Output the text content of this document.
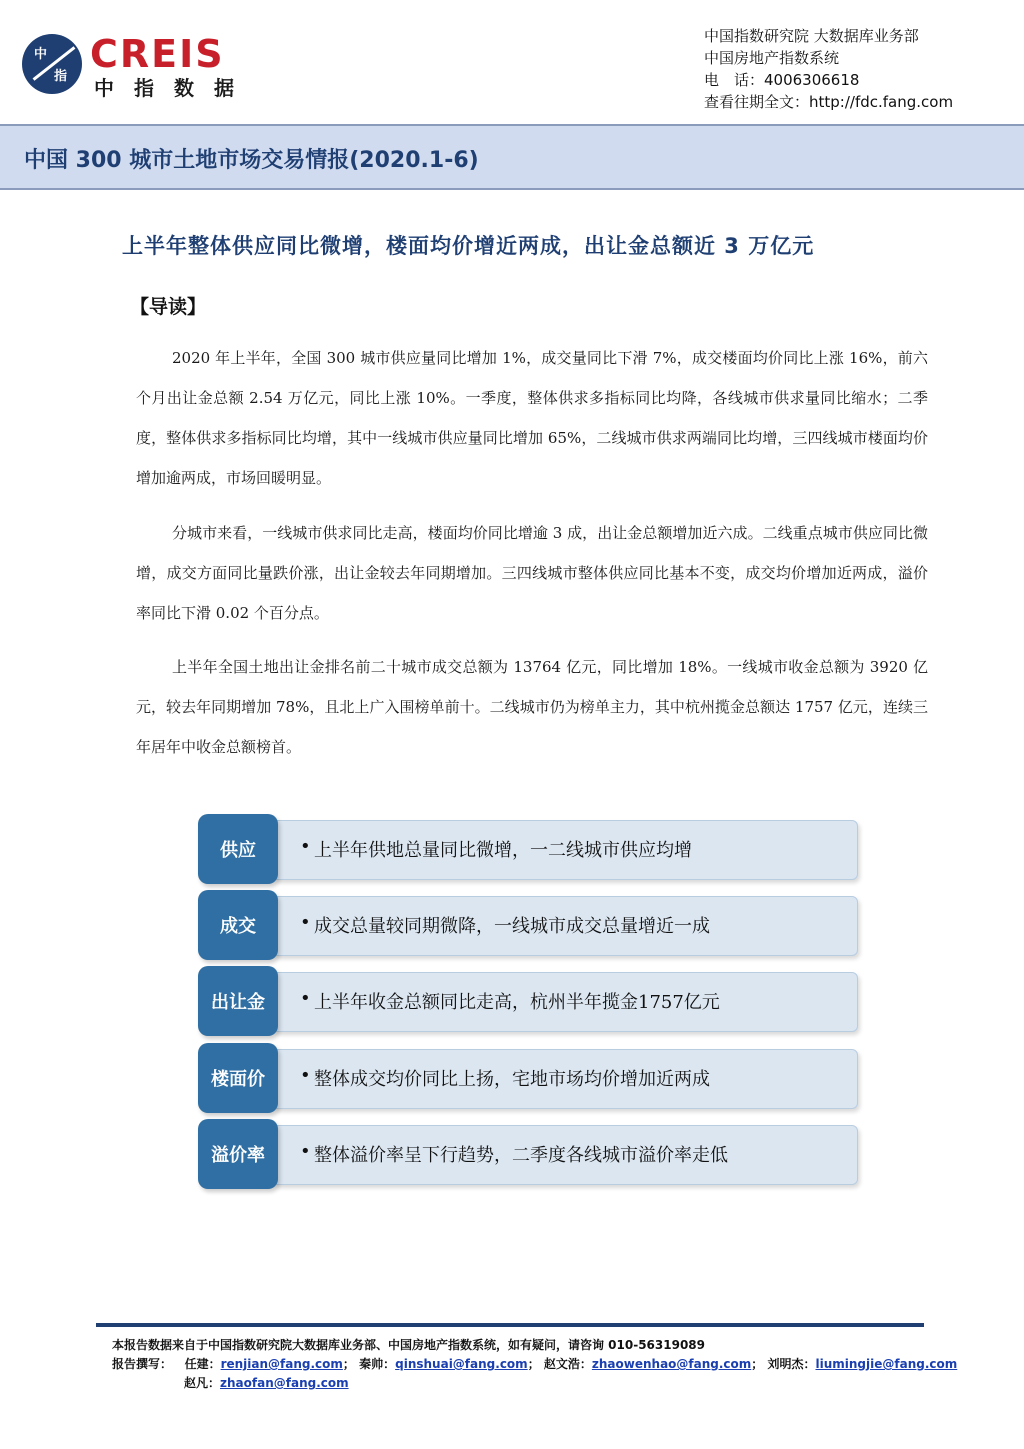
中
指
CREIS
中指数据
中国指数研究院 大数据库业务部
中国房地产指数系统
电　话：4006306618
查看往期全文：http://fdc.fang.com
中国 300 城市土地市场交易情报(2020.1-6)
上半年整体供应同比微增，楼面均价增近两成，出让金总额近 3 万亿元
【导读】

2020 年上半年，全国 300 城市供应量同比增加 1%，成交量同比下滑 7%，成交楼面均价同比上涨 16%，前六个月出让金总额 2.54 万亿元，同比上涨 10%。一季度，整体供求多指标同比均降，各线城市供求量同比缩水；二季度，整体供求多指标同比均增，其中一线城市供应量同比增加 65%，二线城市供求两端同比均增，三四线城市楼面均价增加逾两成，市场回暖明显。

分城市来看，一线城市供求同比走高，楼面均价同比增逾 3 成，出让金总额增加近六成。二线重点城市供应同比微增，成交方面同比量跌价涨，出让金较去年同期增加。三四线城市整体供应同比基本不变，成交均价增加近两成，溢价率同比下滑 0.02 个百分点。

上半年全国土地出让金排名前二十城市成交总额为 13764 亿元，同比增加 18%。一线城市收金总额为 3920 亿元，较去年同期增加 78%，且北上广入围榜单前十。二线城市仍为榜单主力，其中杭州揽金总额达 1757 亿元，连续三年居年中收金总额榜首。

供应	• 上半年供地总量同比微增，一二线城市供应均增
成交	• 成交总量较同期微降，一线城市成交总量增近一成
出让金	• 上半年收金总额同比走高，杭州半年揽金1757亿元
楼面价	• 整体成交均价同比上扬，宅地市场均价增加近两成
溢价率	• 整体溢价率呈下行趋势，二季度各线城市溢价率走低
本报告数据来自于中国指数研究院大数据库业务部、中国房地产指数系统，如有疑问，请咨询 010-56319089
报告撰写： 任建：renjian@fang.com； 秦帅：qinshuai@fang.com； 赵文浩：zhaowenhao@fang.com； 刘明杰：liumingjie@fang.com
赵凡：zhaofan@fang.com
